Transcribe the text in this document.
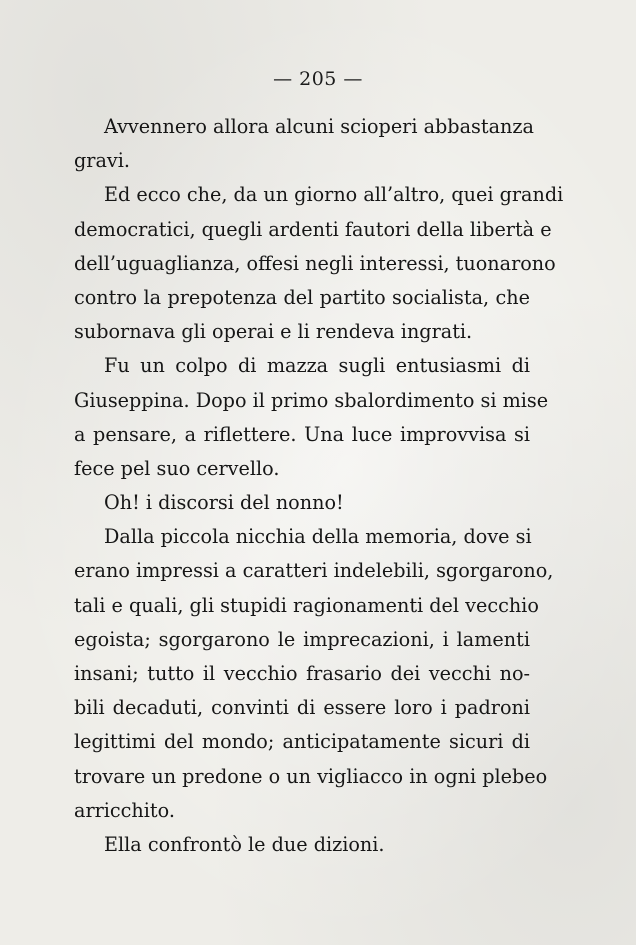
— 205 —
Avvennero allora alcuni scioperi abbastanza
gravi.
Ed ecco che, da un giorno all’altro, quei grandi
democratici, quegli ardenti fautori della libertà e
dell’uguaglianza, offesi negli interessi, tuonarono
contro la prepotenza del partito socialista, che
subornava gli operai e li rendeva ingrati.
Fu un colpo di mazza sugli entusiasmi di
Giuseppina. Dopo il primo sbalordimento si mise
a pensare, a riflettere. Una luce improvvisa si
fece pel suo cervello.
Oh! i discorsi del nonno!
Dalla piccola nicchia della memoria, dove si
erano impressi a caratteri indelebili, sgorgarono,
tali e quali, gli stupidi ragionamenti del vecchio
egoista; sgorgarono le imprecazioni, i lamenti
insani; tutto il vecchio frasario dei vecchi no-
bili decaduti, convinti di essere loro i padroni
legittimi del mondo; anticipatamente sicuri di
trovare un predone o un vigliacco in ogni plebeo
arricchito.
Ella confrontò le due dizioni.
